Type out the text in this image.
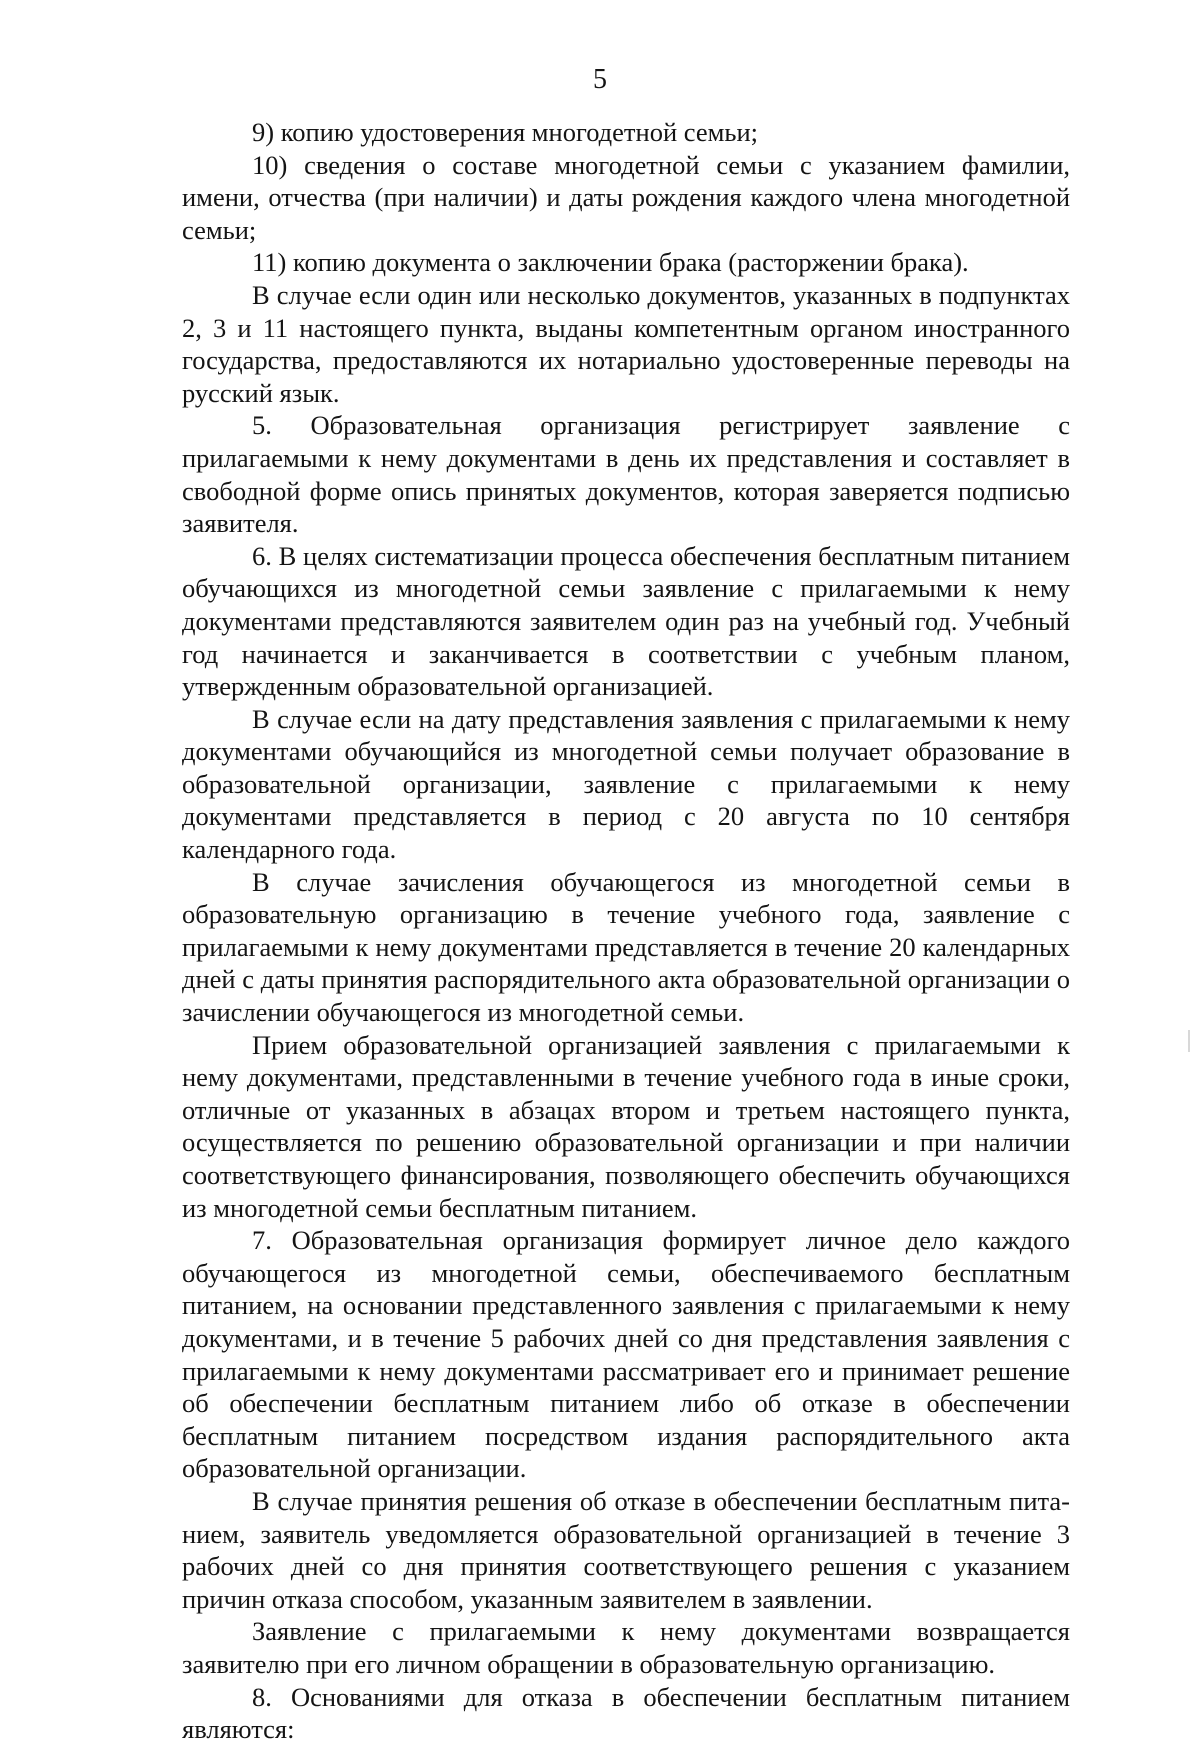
5

9) копию удостоверения многодетной семьи;

10) сведения о составе многодетной семьи с указанием фамилии, имени, отчества (при наличии) и даты рождения каждого члена многодетной семьи;

11) копию документа о заключении брака (расторжении брака).

В случае если один или несколько документов, указанных в подпунктах 2, 3 и 11 настоящего пункта, выданы компетентным органом иностранного государства, предоставляются их нотариально удостоверенные переводы на русский язык.

5. Образовательная организация регистрирует заявление с прилагаемыми к нему документами в день их представления и составляет в свободной форме опись принятых документов, которая заверяется подписью заявителя.

6. В целях систематизации процесса обеспечения бесплатным питанием обучающихся из многодетной семьи заявление с прилагаемыми к нему документами представляются заявителем один раз на учебный год. Учебный год начинается и заканчивается в соответствии с учебным планом, утвержденным образовательной организацией.

В случае если на дату представления заявления с прилагаемыми к нему документами обучающийся из многодетной семьи получает образование в образовательной организации, заявление с прилагаемыми к нему документами представляется в период с 20 августа по 10 сентября календарного года.

В случае зачисления обучающегося из многодетной семьи в образовательную организацию в течение учебного года, заявление с прилагаемыми к нему документами представляется в течение 20 календарных дней с даты принятия распорядительного акта образовательной организации о зачислении обучающегося из многодетной семьи.

Прием образовательной организацией заявления с прилагаемыми к нему документами, представленными в течение учебного года в иные сроки, отличные от указанных в абзацах втором и третьем настоящего пункта, осуществляется по решению образовательной организации и при наличии соответствующего финансирования, позволяющего обеспечить обучающихся из многодетной семьи бесплатным питанием.

7. Образовательная организация формирует личное дело каждого обучающегося из многодетной семьи, обеспечиваемого бесплатным питанием, на основании представленного заявления с прилагаемыми к нему документами, и в течение 5 рабочих дней со дня представления заявления с прилагаемыми к нему документами рассматривает его и принимает решение об обеспечении бесплатным питанием либо об отказе в обеспечении бесплатным питанием посредством издания распорядительного акта образовательной организации.

В случае принятия решения об отказе в обеспечении бесплатным питанием, заявитель уведомляется образовательной организацией в течение 3 рабочих дней со дня принятия соответствующего решения с указанием причин отказа способом, указанным заявителем в заявлении.

Заявление с прилагаемыми к нему документами возвращается заявителю при его личном обращении в образовательную организацию.

8. Основаниями для отказа в обеспечении бесплатным питанием являются:
